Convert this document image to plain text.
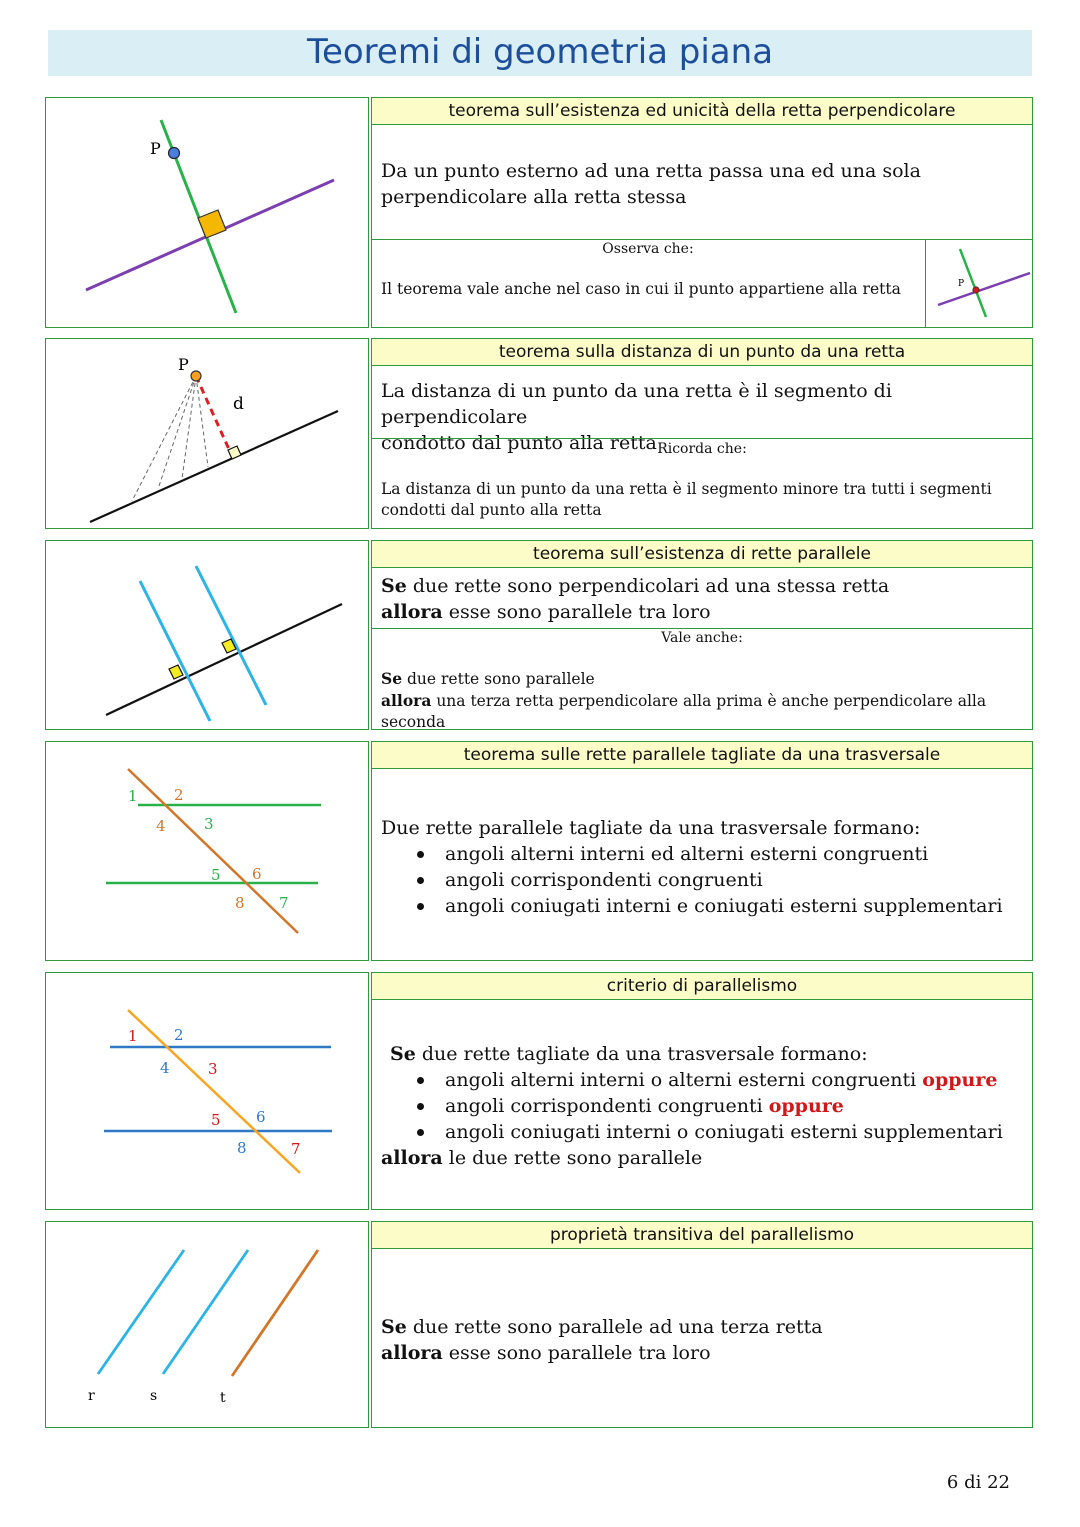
Teoremi di geometria piana
P
teorema sull’esistenza ed unicità della retta perpendicolare
Da un punto esterno ad una retta passa una ed una sola
perpendicolare alla retta stessa
Osserva che:
Il teorema vale anche nel caso in cui il punto appartiene alla retta	P
P
d
teorema sulla distanza di un punto da una retta
La distanza di un punto da una retta è il segmento di perpendicolare
condotto dal punto alla retta Ricorda che:
La distanza di un punto da una retta è il segmento minore tra tutti i segmenti
condotti dal punto alla retta
teorema sull’esistenza di rette parallele
Se due rette sono perpendicolari ad una stessa retta
allora esse sono parallele tra loro
Vale anche:
Se due rette sono parallele
allora una terza retta perpendicolare alla prima è anche perpendicolare alla
seconda
1 2
3
4
5 6
7
8
teorema sulle rette parallele tagliate da una trasversale
Due rette parallele tagliate da una trasversale formano:
angoli alterni interni ed alterni esterni congruenti
angoli corrispondenti congruenti
angoli coniugati interni e coniugati esterni supplementari
1 2
3
4
5 6
7
8
criterio di parallelismo
Se due rette tagliate da una trasversale formano:
angoli alterni interni o alterni esterni congruenti oppure
angoli corrispondenti congruenti oppure
angoli coniugati interni o coniugati esterni supplementari
allora le due rette sono parallele
r	s	t
proprietà transitiva del parallelismo
Se due rette sono parallele ad una terza retta
allora esse sono parallele tra loro
6 di 22
